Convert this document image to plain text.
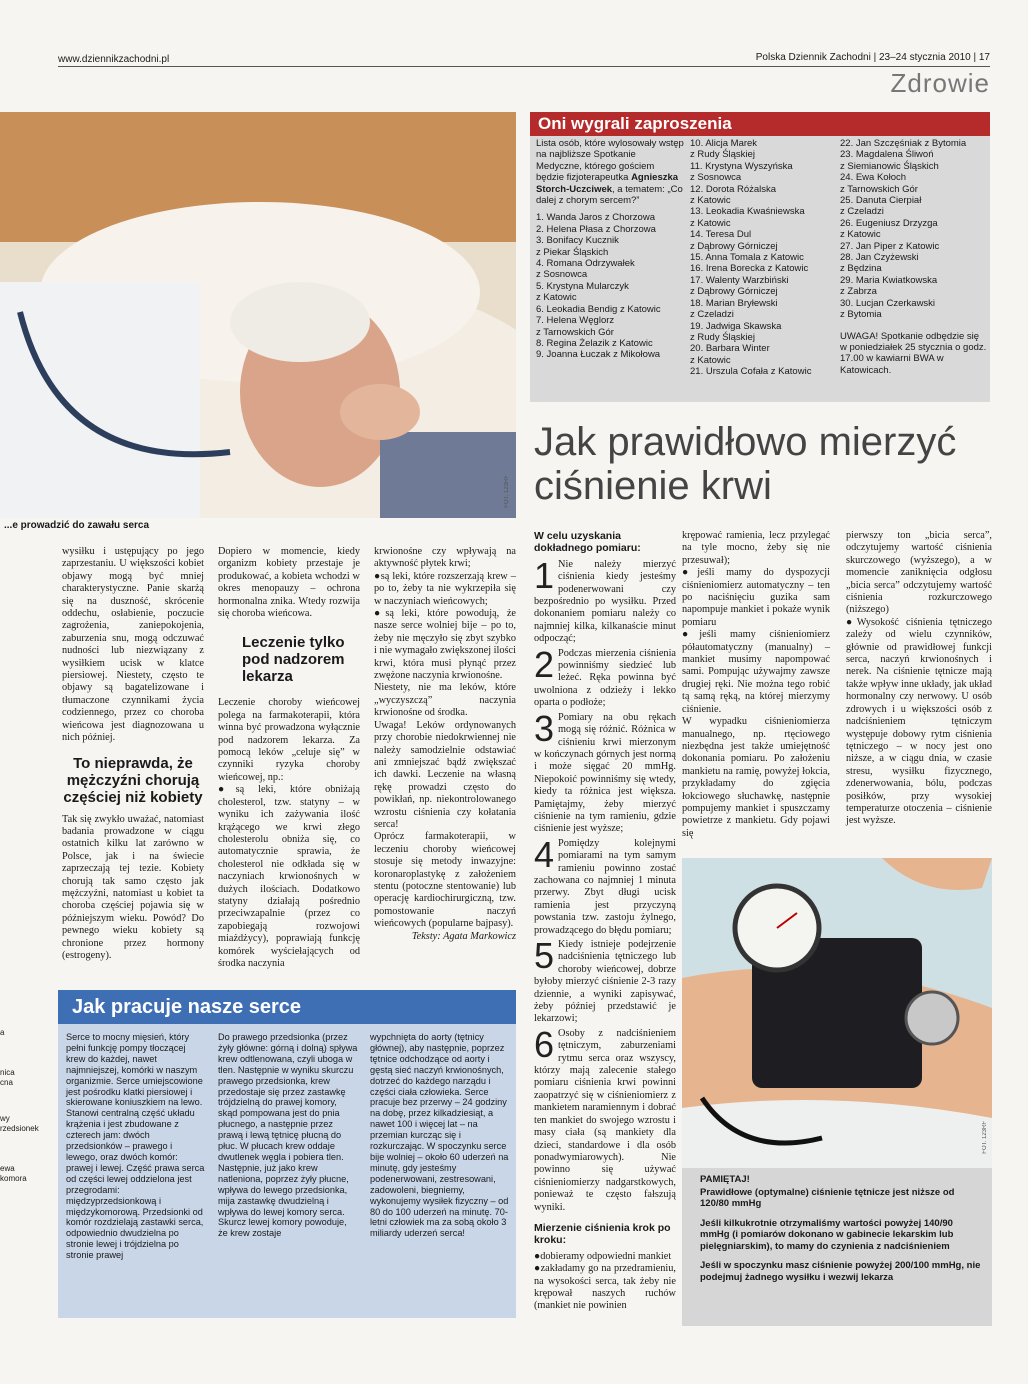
www.dziennikzachodni.pl	Polska Dziennik Zachodni | 23–24 stycznia 2010 | 17
Zdrowie
FOT. 123RF
...e prowadzić do zawału serca

wysiłku i ustępujący po jego zaprzestaniu. U większości kobiet objawy mogą być mniej charakterystyczne. Panie skarżą się na duszność, skrócenie oddechu, osłabienie, poczucie zagrożenia, zaniepokojenia, zaburzenia snu, mogą odczuwać nudności lub niezwiązany z wysiłkiem ucisk w klatce piersiowej. Niestety, często te objawy są bagatelizowane i tłumaczone czynnikami życia codziennego, przez co choroba wieńcowa jest diagnozowana u nich później.

To nieprawda, że mężczyźni chorują częściej niż kobiety

Tak się zwykło uważać, natomiast badania prowadzone w ciągu ostatnich kilku lat zarówno w Polsce, jak i na świecie zaprzeczają tej tezie. Kobiety chorują tak samo często jak mężczyźni, natomiast u kobiet ta choroba częściej pojawia się w późniejszym wieku. Powód? Do pewnego wieku kobiety są chronione przez hormony (estrogeny).

Dopiero w momencie, kiedy organizm kobiety przestaje je produkować, a kobieta wchodzi w okres menopauzy – ochrona hormonalna znika. Wtedy rozwija się choroba wieńcowa.

Leczenie tylko pod nadzorem lekarza

Leczenie choroby wieńcowej polega na farmakoterapii, która winna być prowadzona wyłącznie pod nadzorem lekarza. Za pomocą leków „celuje się” w czynniki ryzyka choroby wieńcowej, np.:

● są leki, które obniżają cholesterol, tzw. statyny – w wyniku ich zażywania ilość krążącego we krwi złego cholesterolu obniża się, co automatycznie sprawia, że cholesterol nie odkłada się w naczyniach krwionośnych w dużych ilościach. Dodatkowo statyny działają pośrednio przeciwzapalnie (przez co zapobiegają rozwojowi miażdżycy), poprawiają funkcję komórek wyściełających od środka naczynia

krwionośne czy wpływają na aktywność płytek krwi;

● są leki, które rozszerzają krew – po to, żeby ta nie wykrzepiła się w naczyniach wieńcowych;

● są leki, które powodują, że nasze serce wolniej bije – po to, żeby nie męczyło się zbyt szybko i nie wymagało zwiększonej ilości krwi, która musi płynąć przez zwężone naczynia krwionośne.

Niestety, nie ma leków, które „wyczyszczą” naczynia krwionośne od środka.

Uwaga! Leków ordynowanych przy chorobie niedokrwiennej nie należy samodzielnie odstawiać ani zmniejszać bądź zwiększać ich dawki. Leczenie na własną rękę prowadzi często do powikłań, np. niekontrolowanego wzrostu ciśnienia czy kołatania serca!

Oprócz farmakoterapii, w leczeniu choroby wieńcowej stosuje się metody inwazyjne: koronaroplastykę z założeniem stentu (potoczne stentowanie) lub operację kardiochirurgiczną, tzw. pomostowanie naczyń wieńcowych (popularne bajpasy).

Teksty: Agata Markowicz

Oni wygrali zaproszenia
Lista osób, które wylosowały wstęp na najbliższe Spotkanie Medyczne, którego gościem będzie fizjoterapeutka Agnieszka Storch-Uczciwek, a tematem: „Co dalej z chorym sercem?”
1. Wanda Jaros z Chorzowa
2. Helena Płasa z Chorzowa
3. Bonifacy Kucznik
z Piekar Śląskich
4. Romana Odrzywałek
z Sosnowca
5. Krystyna Mularczyk
z Katowic
6. Leokadia Bendig z Katowic
7. Helena Węglorz
z Tarnowskich Gór
8. Regina Żelazik z Katowic
9. Joanna Łuczak z Mikołowa
10. Alicja Marek
z Rudy Śląskiej
11. Krystyna Wyszyńska
z Sosnowca
12. Dorota Różalska
z Katowic
13. Leokadia Kwaśniewska
z Katowic
14. Teresa Dul
z Dąbrowy Górniczej
15. Anna Tomala z Katowic
16. Irena Borecka z Katowic
17. Walenty Warzbiński
z Dąbrowy Górniczej
18. Marian Bryłewski
z Czeladzi
19. Jadwiga Skawska
z Rudy Śląskiej
20. Barbara Winter
z Katowic
21. Urszula Cofała z Katowic
22. Jan Szczęśniak z Bytomia
23. Magdalena Śliwoń
z Siemianowic Śląskich
24. Ewa Kołoch
z Tarnowskich Gór
25. Danuta Cierpiał
z Czeladzi
26. Eugeniusz Drzyzga
z Katowic
27. Jan Piper z Katowic
28. Jan Czyżewski
z Będzina
29. Maria Kwiatkowska
z Zabrza
30. Lucjan Czerkawski
z Bytomia
UWAGA! Spotkanie odbędzie się w poniedziałek 25 stycznia o godz. 17.00 w kawiarni BWA w Katowicach.
Jak prawidłowo mierzyć ciśnienie krwi
W celu uzyskania dokładnego pomiaru:

1 Nie należy mierzyć ciśnienia kiedy jesteśmy podenerwowani czy bezpośrednio po wysiłku. Przed dokonaniem pomiaru należy co najmniej kilka, kilkanaście minut odpocząć;

2 Podczas mierzenia ciśnienia powinniśmy siedzieć lub leżeć. Ręka powinna być uwolniona z odzieży i lekko oparta o podłoże;

3 Pomiary na obu rękach mogą się różnić. Różnica w ciśnieniu krwi mierzonym w kończynach górnych jest normą i może sięgać 20 mmHg. Niepokoić powinniśmy się wtedy, kiedy ta różnica jest większa. Pamiętajmy, żeby mierzyć ciśnienie na tym ramieniu, gdzie ciśnienie jest wyższe;

4 Pomiędzy kolejnymi pomiarami na tym samym ramieniu powinno zostać zachowana co najmniej 1 minuta przerwy. Zbyt długi ucisk ramienia jest przyczyną powstania tzw. zastoju żylnego, prowadzącego do błędu pomiaru;

5 Kiedy istnieje podejrzenie nadciśnienia tętniczego lub choroby wieńcowej, dobrze byłoby mierzyć ciśnienie 2-3 razy dziennie, a wyniki zapisywać, żeby później przedstawić je lekarzowi;

6 Osoby z nadciśnieniem tętniczym, zaburzeniami rytmu serca oraz wszyscy, którzy mają zalecenie stałego pomiaru ciśnienia krwi powinni zaopatrzyć się w ciśnieniomierz z mankietem naramiennym i dobrać ten mankiet do swojego wzrostu i masy ciała (są mankiety dla dzieci, standardowe i dla osób ponadwymiarowych). Nie powinno się używać ciśnieniomierzy nadgarstkowych, ponieważ te często fałszują wyniki.

Mierzenie ciśnienia krok po kroku:

● dobieramy odpowiedni mankiet

● zakładamy go na przedramieniu, na wysokości serca, tak żeby nie krępował naszych ruchów (mankiet nie powinien

krępować ramienia, lecz przylegać na tyle mocno, żeby się nie przesuwał);

● jeśli mamy do dyspozycji ciśnieniomierz automatyczny – ten po naciśnięciu guzika sam napompuje mankiet i pokaże wynik pomiaru

● jeśli mamy ciśnieniomierz półautomatyczny (manualny) – mankiet musimy napompować sami. Pompując używajmy zawsze drugiej ręki. Nie można tego robić tą samą ręką, na której mierzymy ciśnienie.

W wypadku ciśnieniomierza manualnego, np. rtęciowego niezbędna jest także umiejętność dokonania pomiaru. Po założeniu mankietu na ramię, powyżej łokcia, przykładamy do zgięcia łokciowego słuchawkę, następnie pompujemy mankiet i spuszczamy powietrze z mankietu. Gdy pojawi się

pierwszy ton „bicia serca”, odczytujemy wartość ciśnienia skurczowego (wyższego), a w momencie zaniknięcia odgłosu „bicia serca” odczytujemy wartość ciśnienia rozkurczowego (niższego)

● Wysokość ciśnienia tętniczego zależy od wielu czynników, głównie od prawidłowej funkcji serca, naczyń krwionośnych i nerek. Na ciśnienie tętnicze mają także wpływ inne układy, jak układ hormonalny czy nerwowy. U osób zdrowych i u większości osób z nadciśnieniem tętniczym występuje dobowy rytm ciśnienia tętniczego – w nocy jest ono niższe, a w ciągu dnia, w czasie stresu, wysiłku fizycznego, zdenerwowania, bólu, podczas posiłków, przy wysokiej temperaturze otoczenia – ciśnienie jest wyższe.

FOT. 123RF

PAMIĘTAJ!

Prawidłowe (optymalne) ciśnienie tętnicze jest niższe od 120/80 mmHg

Jeśli kilkukrotnie otrzymaliśmy wartości powyżej 140/90 mmHg (i pomiarów dokonano w gabinecie lekarskim lub pielęgniarskim), to mamy do czynienia z nadciśnieniem

Jeśli w spoczynku masz ciśnienie powyżej 200/100 mmHg, nie podejmuj żadnego wysiłku i wezwij lekarza

Jak pracuje nasze serce
Serce to mocny mięsień, który pełni funkcję pompy tłoczącej krew do każdej, nawet najmniejszej, komórki w naszym organizmie. Serce umiejscowione jest pośrodku klatki piersiowej i skierowane koniuszkiem na lewo. Stanowi centralną część układu krążenia i jest zbudowane z czterech jam: dwóch przedsionków – prawego i lewego, oraz dwóch komór: prawej i lewej. Część prawa serca od części lewej oddzielona jest przegrodami: międzyprzedsionkową i międzykomorową. Przedsionki od komór rozdzielają zastawki serca, odpowiednio dwudzielna po stronie lewej i trójdzielna po stronie prawej
Do prawego przedsionka (przez żyły główne: górną i dolną) spływa krew odtlenowana, czyli uboga w tlen. Następnie w wyniku skurczu prawego przedsionka, krew przedostaje się przez zastawkę trójdzielną do prawej komory, skąd pompowana jest do pnia płucnego, a następnie przez prawą i lewą tętnicę płucną do płuc. W płucach krew oddaje dwutlenek węgla i pobiera tlen. Następnie, już jako krew natleniona, poprzez żyły płucne, wpływa do lewego przedsionka, mija zastawkę dwudzielną i wpływa do lewej komory serca. Skurcz lewej komory powoduje, że krew zostaje
wypchnięta do aorty (tętnicy głównej), aby następnie, poprzez tętnice odchodzące od aorty i gęstą sieć naczyń krwionośnych, dotrzeć do każdego narządu i części ciała człowieka. Serce pracuje bez przerwy – 24 godziny na dobę, przez kilkadziesiąt, a nawet 100 i więcej lat – na przemian kurcząc się i rozkurczając. W spoczynku serce bije wolniej – około 60 uderzeń na minutę, gdy jesteśmy podenerwowani, zestresowani, zadowoleni, biegniemy, wykonujemy wysiłek fizyczny – od 80 do 100 uderzeń na minutę. 70-letni człowiek ma za sobą około 3 miliardy uderzeń serca!
a
nica
cna
wy
rzedsionek
ewa
komora
